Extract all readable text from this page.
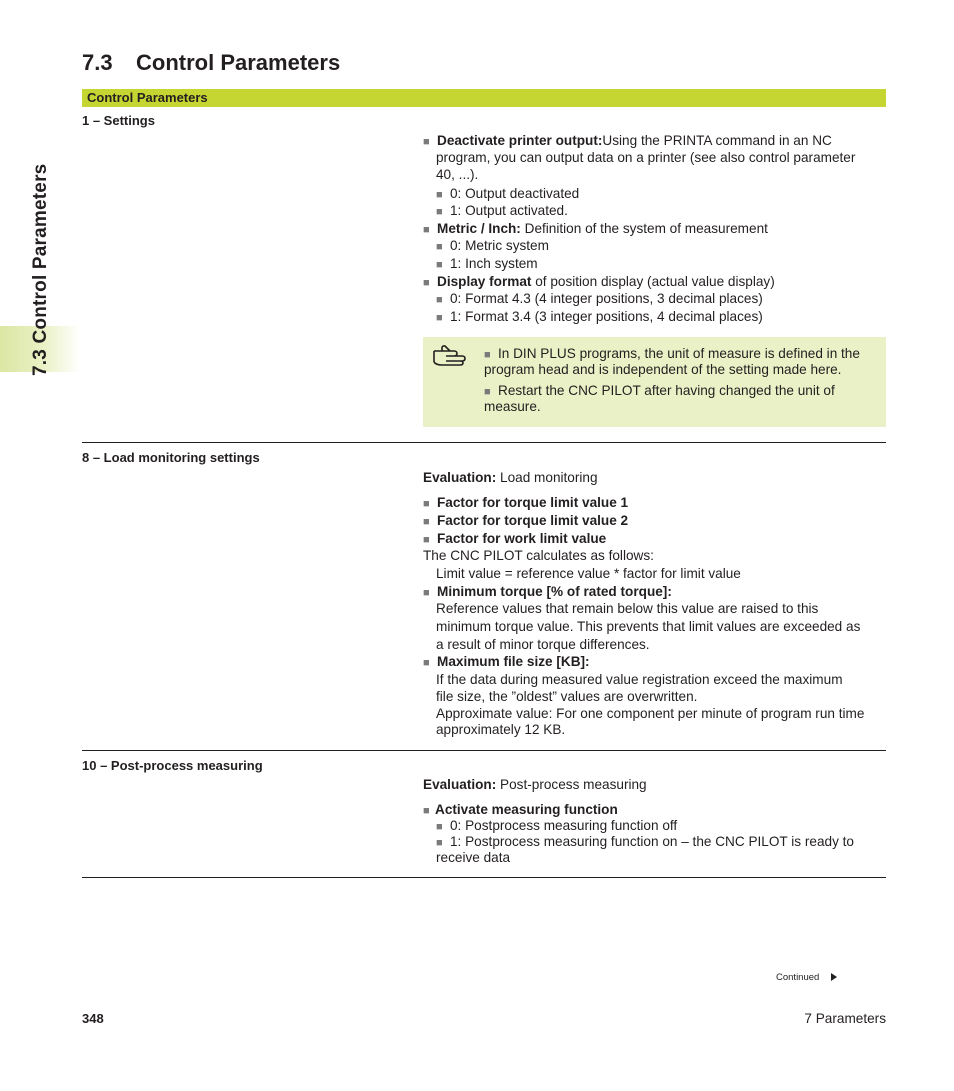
7.3 Control Parameters
7.3 Control Parameters
Control Parameters
1 – Settings
■ Deactivate printer output:Using the PRINTA command in an NC
program, you can output data on a printer (see also control parameter
40, ...).
■ 0: Output deactivated
■ 1: Output activated.
■ Metric / Inch: Definition of the system of measurement
■ 0: Metric system
■ 1: Inch system
■ Display format of position display (actual value display)
■ 0: Format 4.3 (4 integer positions, 3 decimal places)
■ 1: Format 3.4 (3 integer positions, 4 decimal places)
■ In DIN PLUS programs, the unit of measure is defined in the
program head and is independent of the setting made here.
■ Restart the CNC PILOT after having changed the unit of
measure.
8 – Load monitoring settings
Evaluation: Load monitoring
■ Factor for torque limit value 1
■ Factor for torque limit value 2
■ Factor for work limit value
The CNC PILOT calculates as follows:
Limit value = reference value * factor for limit value
■ Minimum torque [% of rated torque]:
Reference values that remain below this value are raised to this
minimum torque value. This prevents that limit values are exceeded as
a result of minor torque differences.
■ Maximum file size [KB]:
If the data during measured value registration exceed the maximum
file size, the ”oldest” values are overwritten.
Approximate value: For one component per minute of program run time
approximately 12 KB.
10 – Post-process measuring
Evaluation: Post-process measuring
■ Activate measuring function
■ 0: Postprocess measuring function off
■ 1: Postprocess measuring function on – the CNC PILOT is ready to
receive data
Continued
348	7 Parameters
